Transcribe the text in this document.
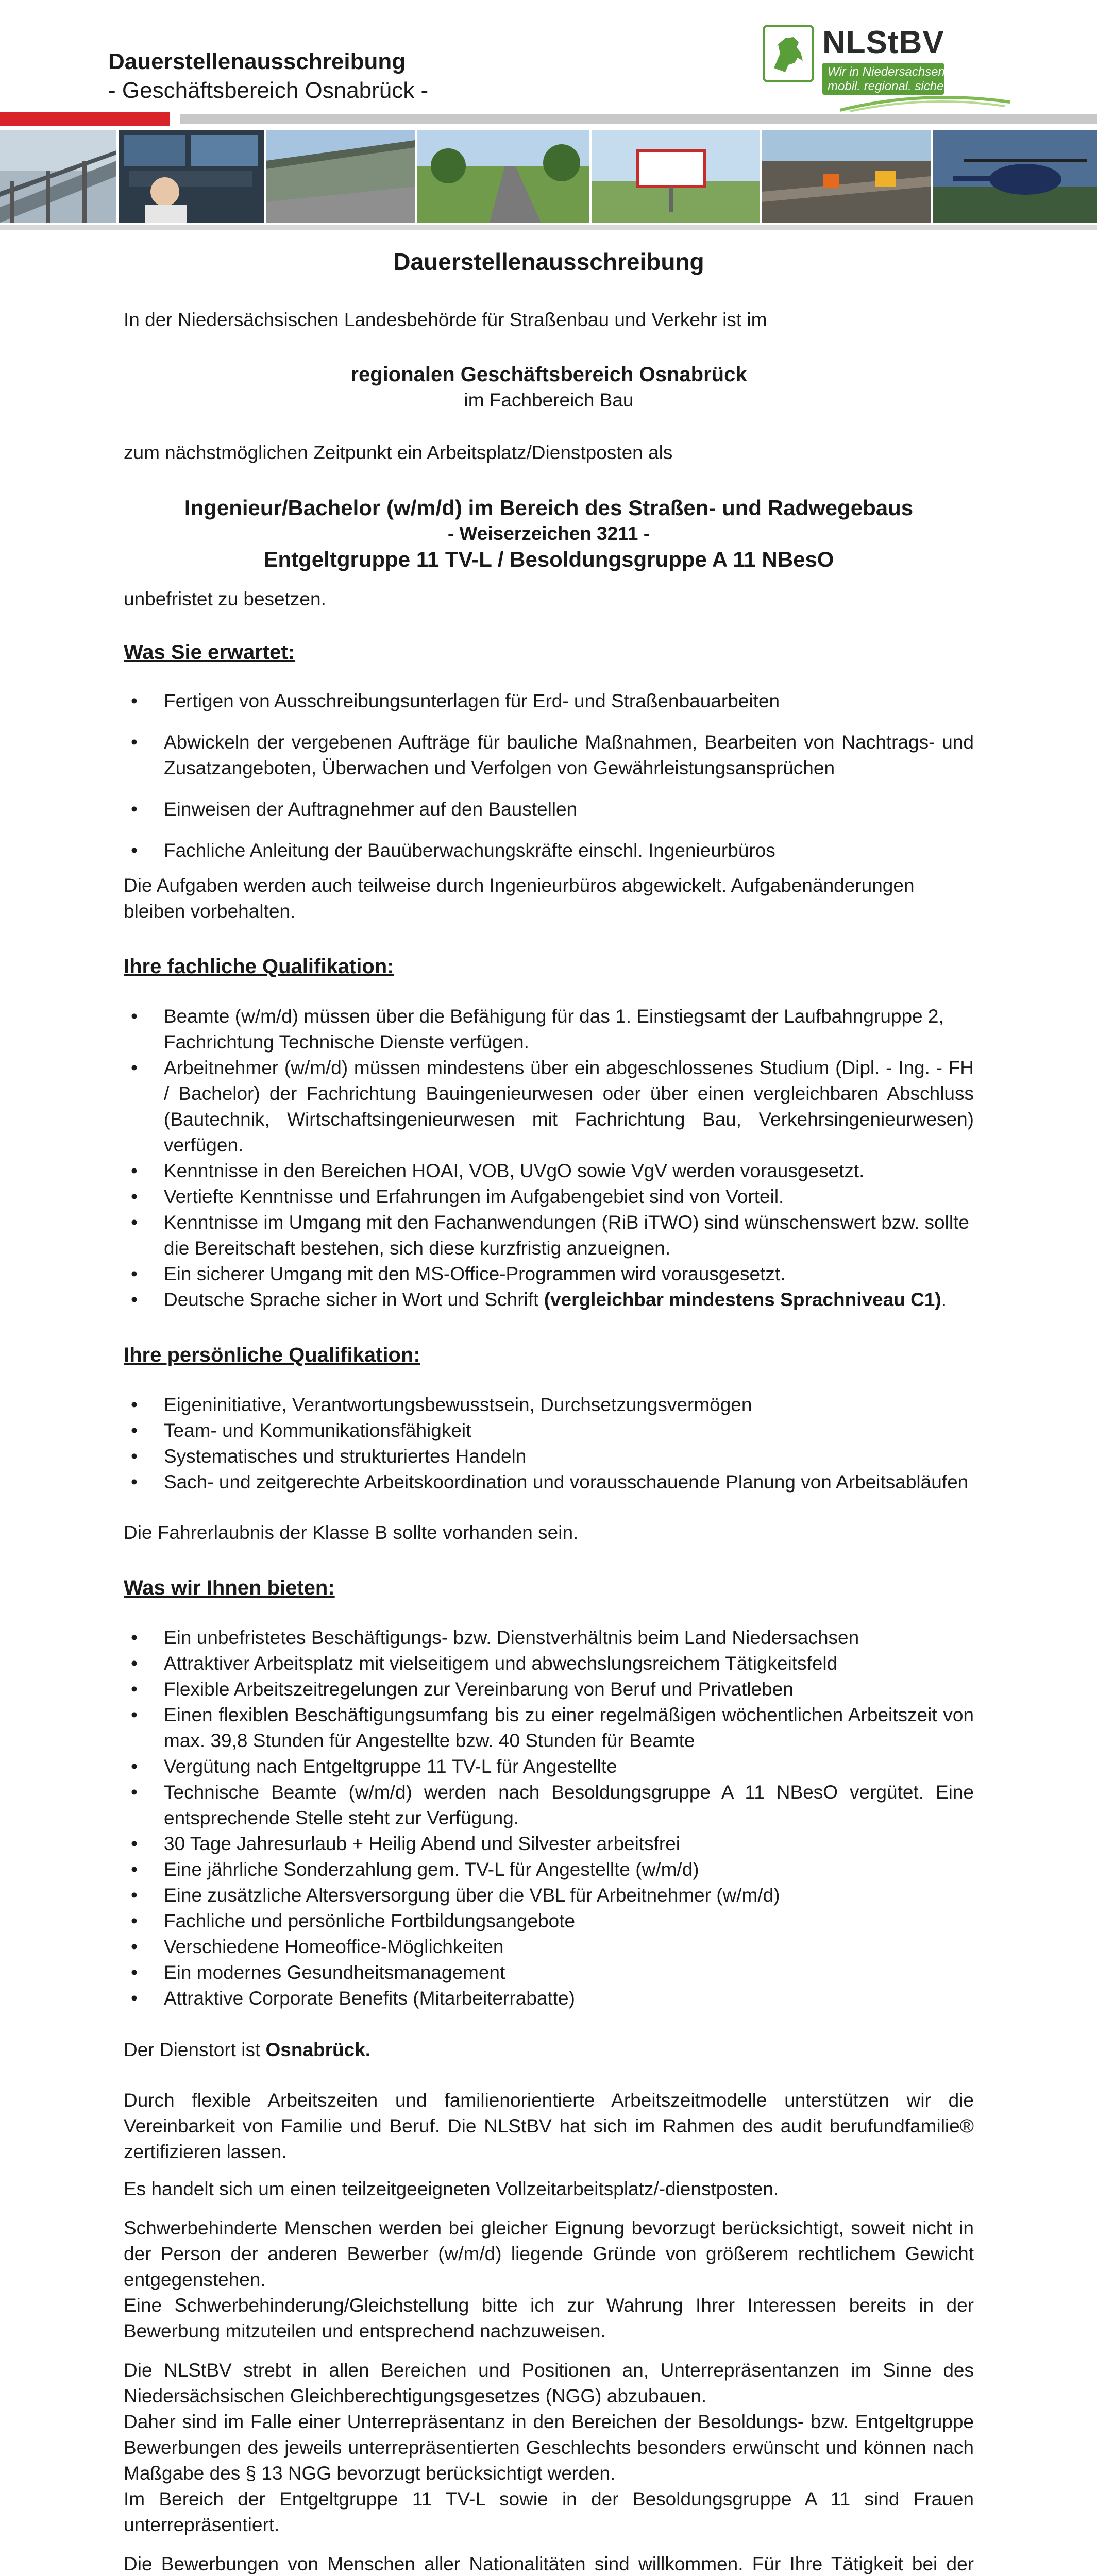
Dauerstellenausschreibung
- Geschäftsbereich Osnabrück -
NLStBV
Wir in Niedersachsen:
mobil. regional. sicher!

Dauerstellenausschreibung

In der Niedersächsischen Landesbehörde für Straßenbau und Verkehr ist im

regionalen Geschäftsbereich Osnabrück

im Fachbereich Bau

zum nächstmöglichen Zeitpunkt ein Arbeitsplatz/Dienstposten als

Ingenieur/Bachelor (w/m/d) im Bereich des Straßen- und Radwegebaus

- Weiserzeichen 3211 -

Entgeltgruppe 11 TV-L / Besoldungsgruppe A 11 NBesO

unbefristet zu besetzen.

Was Sie erwartet:

• Fertigen von Ausschreibungsunterlagen für Erd- und Straßenbauarbeiten
• Abwickeln der vergebenen Aufträge für bauliche Maßnahmen, Bearbeiten von Nachtrags- und Zusatzangeboten, Überwachen und Verfolgen von Gewährleistungsansprüchen
• Einweisen der Auftragnehmer auf den Baustellen
• Fachliche Anleitung der Bauüberwachungskräfte einschl. Ingenieurbüros

Die Aufgaben werden auch teilweise durch Ingenieurbüros abgewickelt. Aufgabenänderungen bleiben vorbehalten.

Ihre fachliche Qualifikation:

• Beamte (w/m/d) müssen über die Befähigung für das 1. Einstiegsamt der Laufbahngruppe 2, Fachrichtung Technische Dienste verfügen.
• Arbeitnehmer (w/m/d) müssen mindestens über ein abgeschlossenes Studium (Dipl. - Ing. - FH / Bachelor) der Fachrichtung Bauingenieurwesen oder über einen vergleichbaren Abschluss (Bautechnik, Wirtschaftsingenieurwesen mit Fachrichtung Bau, Verkehrsingenieurwesen) verfügen.
• Kenntnisse in den Bereichen HOAI, VOB, UVgO sowie VgV werden vorausgesetzt.
• Vertiefte Kenntnisse und Erfahrungen im Aufgabengebiet sind von Vorteil.
• Kenntnisse im Umgang mit den Fachanwendungen (RiB iTWO) sind wünschenswert bzw. sollte die Bereitschaft bestehen, sich diese kurzfristig anzueignen.
• Ein sicherer Umgang mit den MS-Office-Programmen wird vorausgesetzt.
• Deutsche Sprache sicher in Wort und Schrift (vergleichbar mindestens Sprachniveau C1).

Ihre persönliche Qualifikation:

• Eigeninitiative, Verantwortungsbewusstsein, Durchsetzungsvermögen
• Team- und Kommunikationsfähigkeit
• Systematisches und strukturiertes Handeln
• Sach- und zeitgerechte Arbeitskoordination und vorausschauende Planung von Arbeitsabläufen

Die Fahrerlaubnis der Klasse B sollte vorhanden sein.

Was wir Ihnen bieten:

• Ein unbefristetes Beschäftigungs- bzw. Dienstverhältnis beim Land Niedersachsen
• Attraktiver Arbeitsplatz mit vielseitigem und abwechslungsreichem Tätigkeitsfeld
• Flexible Arbeitszeitregelungen zur Vereinbarung von Beruf und Privatleben
• Einen flexiblen Beschäftigungsumfang bis zu einer regelmäßigen wöchentlichen Arbeitszeit von max. 39,8 Stunden für Angestellte bzw. 40 Stunden für Beamte
• Vergütung nach Entgeltgruppe 11 TV-L für Angestellte
• Technische Beamte (w/m/d) werden nach Besoldungsgruppe A 11 NBesO vergütet. Eine entsprechende Stelle steht zur Verfügung.
• 30 Tage Jahresurlaub + Heilig Abend und Silvester arbeitsfrei
• Eine jährliche Sonderzahlung gem. TV-L für Angestellte (w/m/d)
• Eine zusätzliche Altersversorgung über die VBL für Arbeitnehmer (w/m/d)
• Fachliche und persönliche Fortbildungsangebote
• Verschiedene Homeoffice-Möglichkeiten
• Ein modernes Gesundheitsmanagement
• Attraktive Corporate Benefits (Mitarbeiterrabatte)

Der Dienstort ist Osnabrück.

Durch flexible Arbeitszeiten und familienorientierte Arbeitszeitmodelle unterstützen wir die Vereinbarkeit von Familie und Beruf. Die NLStBV hat sich im Rahmen des audit berufundfamilie® zertifizieren lassen.

Es handelt sich um einen teilzeitgeeigneten Vollzeitarbeitsplatz/-dienstposten.

Schwerbehinderte Menschen werden bei gleicher Eignung bevorzugt berücksichtigt, soweit nicht in der Person der anderen Bewerber (w/m/d) liegende Gründe von größerem rechtlichem Gewicht entgegenstehen.

Eine Schwerbehinderung/Gleichstellung bitte ich zur Wahrung Ihrer Interessen bereits in der Bewerbung mitzuteilen und entsprechend nachzuweisen.

Die NLStBV strebt in allen Bereichen und Positionen an, Unterrepräsentanzen im Sinne des Niedersächsischen Gleichberechtigungsgesetzes (NGG) abzubauen.

Daher sind im Falle einer Unterrepräsentanz in den Bereichen der Besoldungs- bzw. Entgeltgruppe Bewerbungen des jeweils unterrepräsentierten Geschlechts besonders erwünscht und können nach Maßgabe des § 13 NGG bevorzugt berücksichtigt werden.

Im Bereich der Entgeltgruppe 11 TV-L sowie in der Besoldungsgruppe A 11 sind Frauen unterrepräsentiert.

Die Bewerbungen von Menschen aller Nationalitäten sind willkommen. Für Ihre Tätigkeit bei der
